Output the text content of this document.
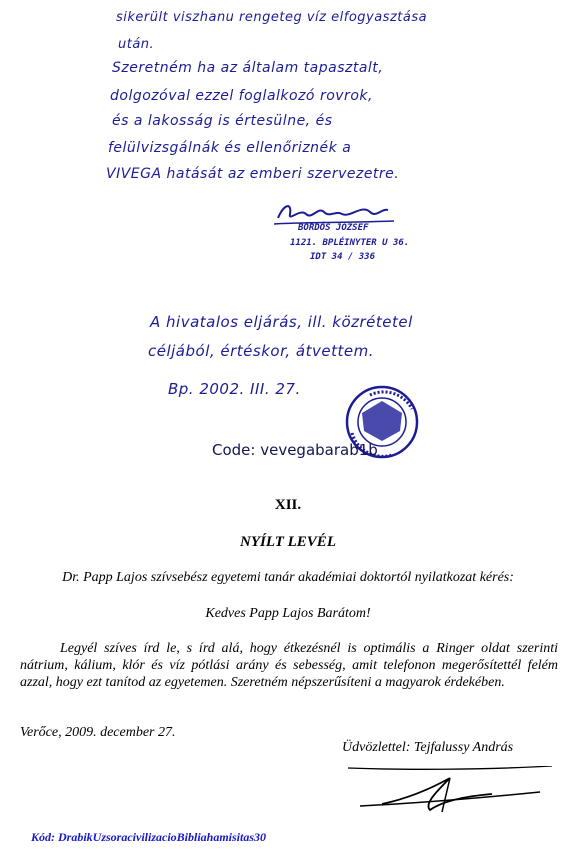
sikerült viszhanu rengeteg víz elfogyasztása
után.
Szeretném ha az általam tapasztalt,
dolgozóval ezzel foglalkozó rovrok,
és a lakosság is értesülne, és
felülvizsgálnák és ellenőriznék a
VIVEGA hatását az emberi szervezetre.
BORDÓS JÓZSEF
1121. BPLÉINYTER U 36.
IDT 34 / 336
A hivatalos eljárás, ill. közrétetel
céljából, értéskor, átvettem.
Bp. 2002. III. 27.
Code: vevegabarab1b
XII.
NYÍLT LEVÉL
Dr. Papp Lajos szívsebész egyetemi tanár akadémiai doktortól nyilatkozat kérés:
Kedves Papp Lajos Barátom!
Legyél szíves írd le, s írd alá, hogy étkezésnél is optimális a Ringer oldat szerinti nátrium, kálium, klór és víz pótlási arány és sebesség, amit telefonon megerősítettél felém azzal, hogy ezt tanítod az egyetemen. Szeretném népszerűsíteni a magyarok érdekében.
Verőce, 2009. december 27.
Üdvözlettel: Tejfalussy András
Kód: DrabikUzsoracivilizacioBibliahamisitas30
